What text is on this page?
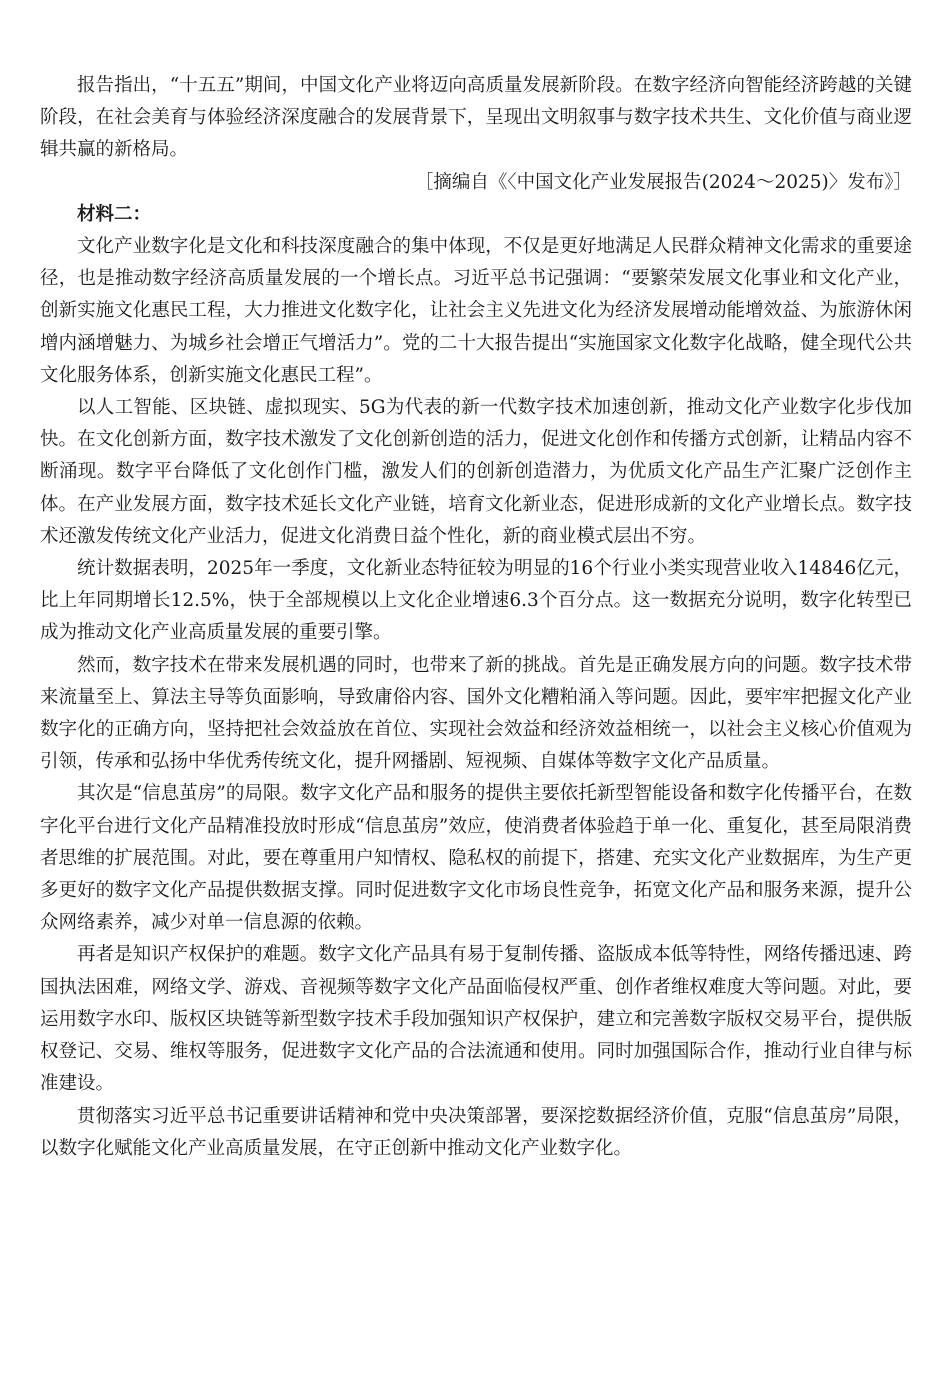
报告指出，“十五五”期间，中国文化产业将迈向高质量发展新阶段。在数字经济向智能经济跨越的关键阶段，在社会美育与体验经济深度融合的发展背景下，呈现出文明叙事与数字技术共生、文化价值与商业逻辑共赢的新格局。

［摘编自《〈中国文化产业发展报告(2024～2025)〉发布》］

材料二：

文化产业数字化是文化和科技深度融合的集中体现，不仅是更好地满足人民群众精神文化需求的重要途径，也是推动数字经济高质量发展的一个增长点。习近平总书记强调：“要繁荣发展文化事业和文化产业，创新实施文化惠民工程，大力推进文化数字化，让社会主义先进文化为经济发展增动能增效益、为旅游休闲增内涵增魅力、为城乡社会增正气增活力”。党的二十大报告提出“实施国家文化数字化战略，健全现代公共文化服务体系，创新实施文化惠民工程”。

以人工智能、区块链、虚拟现实、5G为代表的新一代数字技术加速创新，推动文化产业数字化步伐加快。在文化创新方面，数字技术激发了文化创新创造的活力，促进文化创作和传播方式创新，让精品内容不断涌现。数字平台降低了文化创作门槛，激发人们的创新创造潜力，为优质文化产品生产汇聚广泛创作主体。在产业发展方面，数字技术延长文化产业链，培育文化新业态，促进形成新的文化产业增长点。数字技术还激发传统文化产业活力，促进文化消费日益个性化，新的商业模式层出不穷。

统计数据表明，2025年一季度，文化新业态特征较为明显的16个行业小类实现营业收入14846亿元，比上年同期增长12.5%，快于全部规模以上文化企业增速6.3个百分点。这一数据充分说明，数字化转型已成为推动文化产业高质量发展的重要引擎。

然而，数字技术在带来发展机遇的同时，也带来了新的挑战。首先是正确发展方向的问题。数字技术带来流量至上、算法主导等负面影响，导致庸俗内容、国外文化糟粕涌入等问题。因此，要牢牢把握文化产业数字化的正确方向，坚持把社会效益放在首位、实现社会效益和经济效益相统一，以社会主义核心价值观为引领，传承和弘扬中华优秀传统文化，提升网播剧、短视频、自媒体等数字文化产品质量。

其次是“信息茧房”的局限。数字文化产品和服务的提供主要依托新型智能设备和数字化传播平台，在数字化平台进行文化产品精准投放时形成“信息茧房”效应，使消费者体验趋于单一化、重复化，甚至局限消费者思维的扩展范围。对此，要在尊重用户知情权、隐私权的前提下，搭建、充实文化产业数据库，为生产更多更好的数字文化产品提供数据支撑。同时促进数字文化市场良性竞争，拓宽文化产品和服务来源，提升公众网络素养，减少对单一信息源的依赖。

再者是知识产权保护的难题。数字文化产品具有易于复制传播、盗版成本低等特性，网络传播迅速、跨国执法困难，网络文学、游戏、音视频等数字文化产品面临侵权严重、创作者维权难度大等问题。对此，要运用数字水印、版权区块链等新型数字技术手段加强知识产权保护，建立和完善数字版权交易平台，提供版权登记、交易、维权等服务，促进数字文化产品的合法流通和使用。同时加强国际合作，推动行业自律与标准建设。

贯彻落实习近平总书记重要讲话精神和党中央决策部署，要深挖数据经济价值，克服“信息茧房”局限，以数字化赋能文化产业高质量发展，在守正创新中推动文化产业数字化。
